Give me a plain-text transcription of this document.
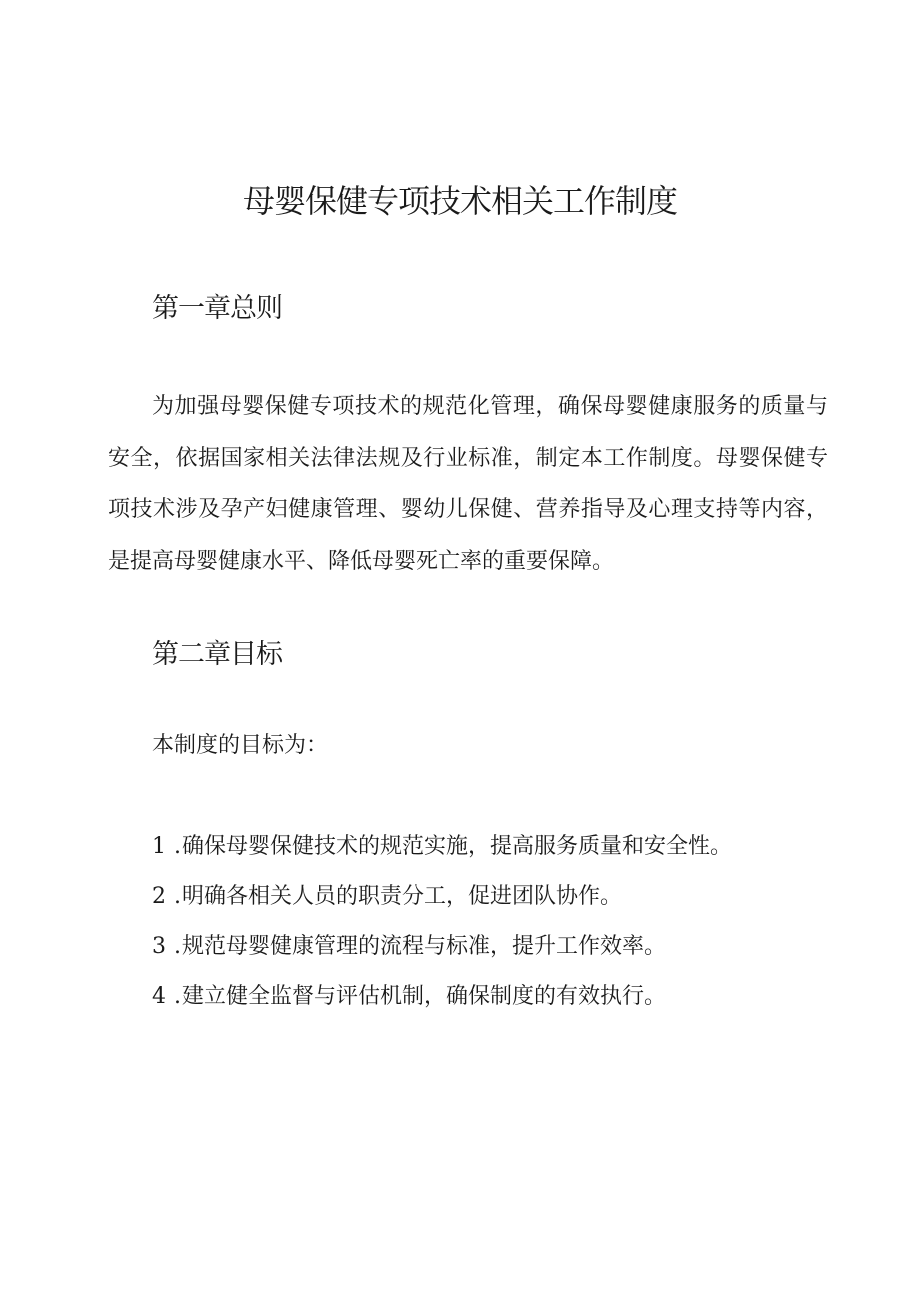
母婴保健专项技术相关工作制度
第一章总则

为加强母婴保健专项技术的规范化管理，确保母婴健康服务的质量与安全，依据国家相关法律法规及行业标准，制定本工作制度。母婴保健专项技术涉及孕产妇健康管理、婴幼儿保健、营养指导及心理支持等内容，是提高母婴健康水平、降低母婴死亡率的重要保障。

第二章目标
本制度的目标为：
1 .确保母婴保健技术的规范实施，提高服务质量和安全性。
2 .明确各相关人员的职责分工，促进团队协作。
3 .规范母婴健康管理的流程与标准，提升工作效率。
4 .建立健全监督与评估机制，确保制度的有效执行。
